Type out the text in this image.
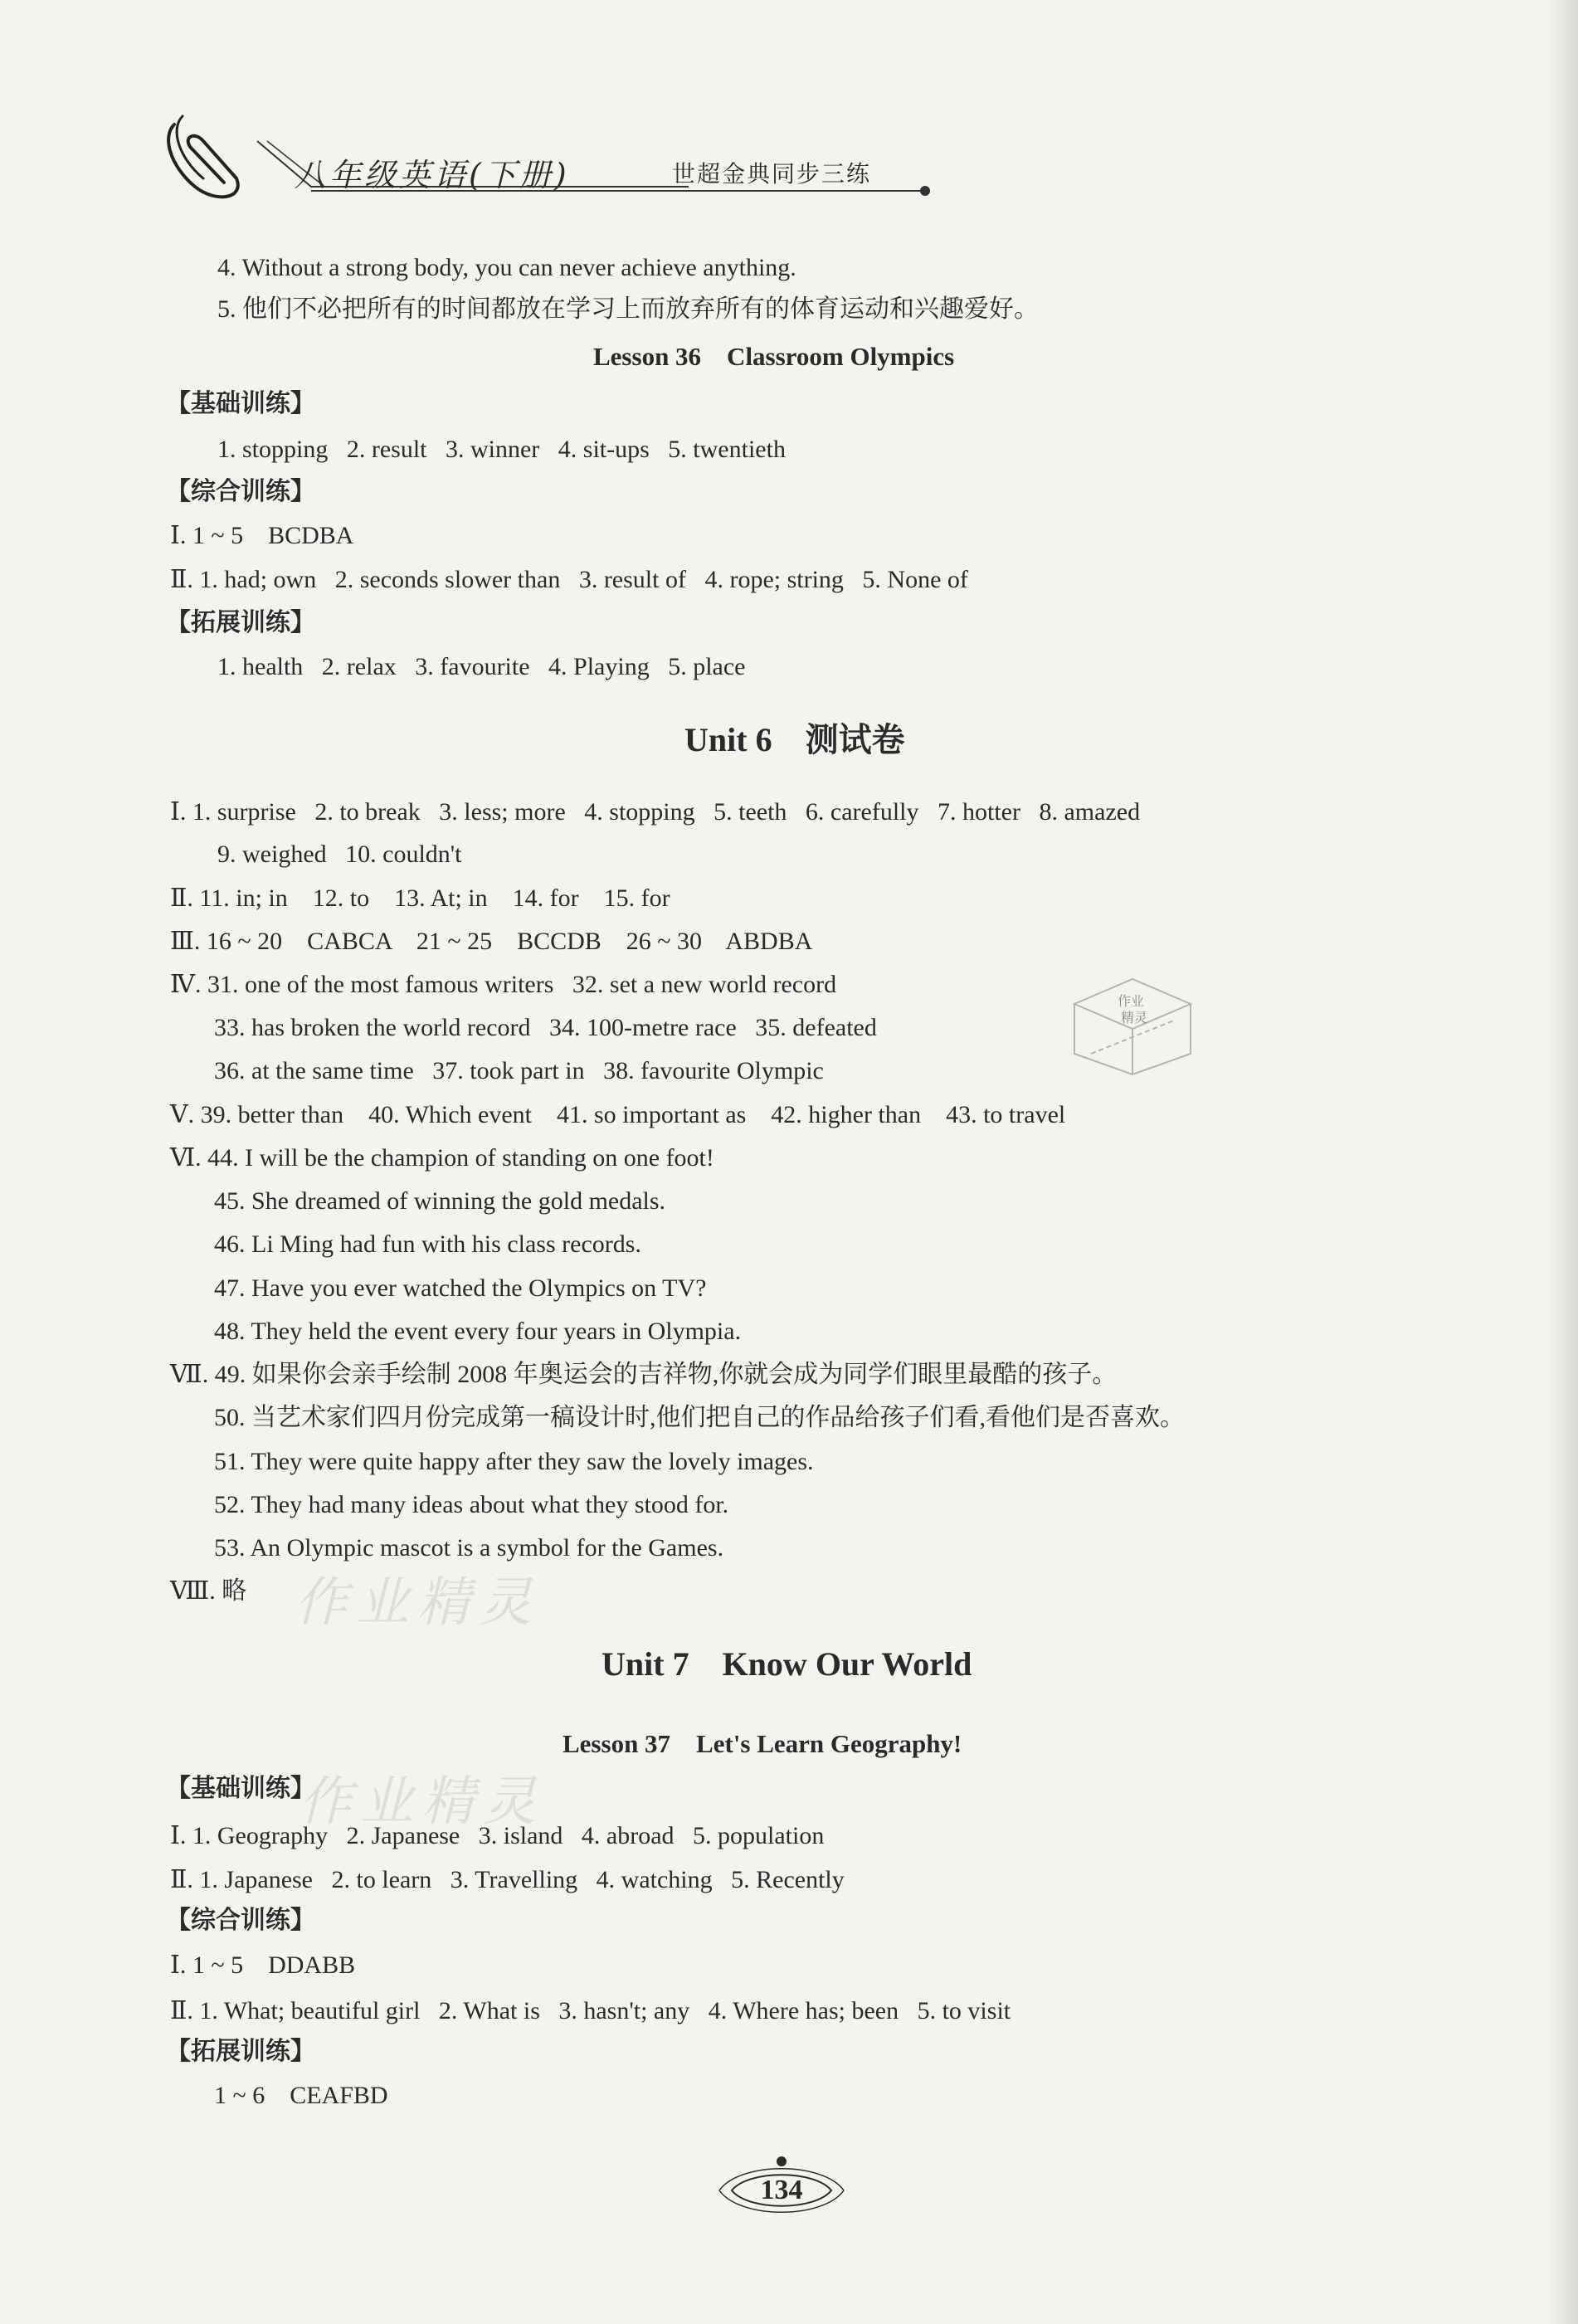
八年级英语(下册)	世超金典同步三练
4. Without a strong body, you can never achieve anything.
5. 他们不必把所有的时间都放在学习上而放弃所有的体育运动和兴趣爱好。
Lesson 36    Classroom Olympics
【基础训练】
1. stopping   2. result   3. winner   4. sit-ups   5. twentieth
【综合训练】
Ⅰ. 1 ~ 5    BCDBA
Ⅱ. 1. had; own   2. seconds slower than   3. result of   4. rope; string   5. None of
【拓展训练】
1. health   2. relax   3. favourite   4. Playing   5. place
Unit 6    测试卷
Ⅰ. 1. surprise   2. to break   3. less; more   4. stopping   5. teeth   6. carefully   7. hotter   8. amazed
9. weighed   10. couldn't
Ⅱ. 11. in; in    12. to    13. At; in    14. for    15. for
Ⅲ. 16 ~ 20    CABCA    21 ~ 25    BCCDB    26 ~ 30    ABDBA
Ⅳ. 31. one of the most famous writers   32. set a new world record
33. has broken the world record   34. 100-metre race   35. defeated
36. at the same time   37. took part in   38. favourite Olympic
Ⅴ. 39. better than    40. Which event    41. so important as    42. higher than    43. to travel
Ⅵ. 44. I will be the champion of standing on one foot!
45. She dreamed of winning the gold medals.
46. Li Ming had fun with his class records.
47. Have you ever watched the Olympics on TV?
48. They held the event every four years in Olympia.
Ⅶ. 49. 如果你会亲手绘制 2008 年奥运会的吉祥物,你就会成为同学们眼里最酷的孩子。
50. 当艺术家们四月份完成第一稿设计时,他们把自己的作品给孩子们看,看他们是否喜欢。
51. They were quite happy after they saw the lovely images.
52. They had many ideas about what they stood for.
53. An Olympic mascot is a symbol for the Games.
Ⅷ. 略
Unit 7    Know Our World
Lesson 37    Let's Learn Geography!
【基础训练】
Ⅰ. 1. Geography   2. Japanese   3. island   4. abroad   5. population
Ⅱ. 1. Japanese   2. to learn   3. Travelling   4. watching   5. Recently
【综合训练】
Ⅰ. 1 ~ 5    DDABB
Ⅱ. 1. What; beautiful girl   2. What is   3. hasn't; any   4. Where has; been   5. to visit
【拓展训练】
1 ~ 6    CEAFBD
作业精灵
作业精灵
作业
精灵
134
